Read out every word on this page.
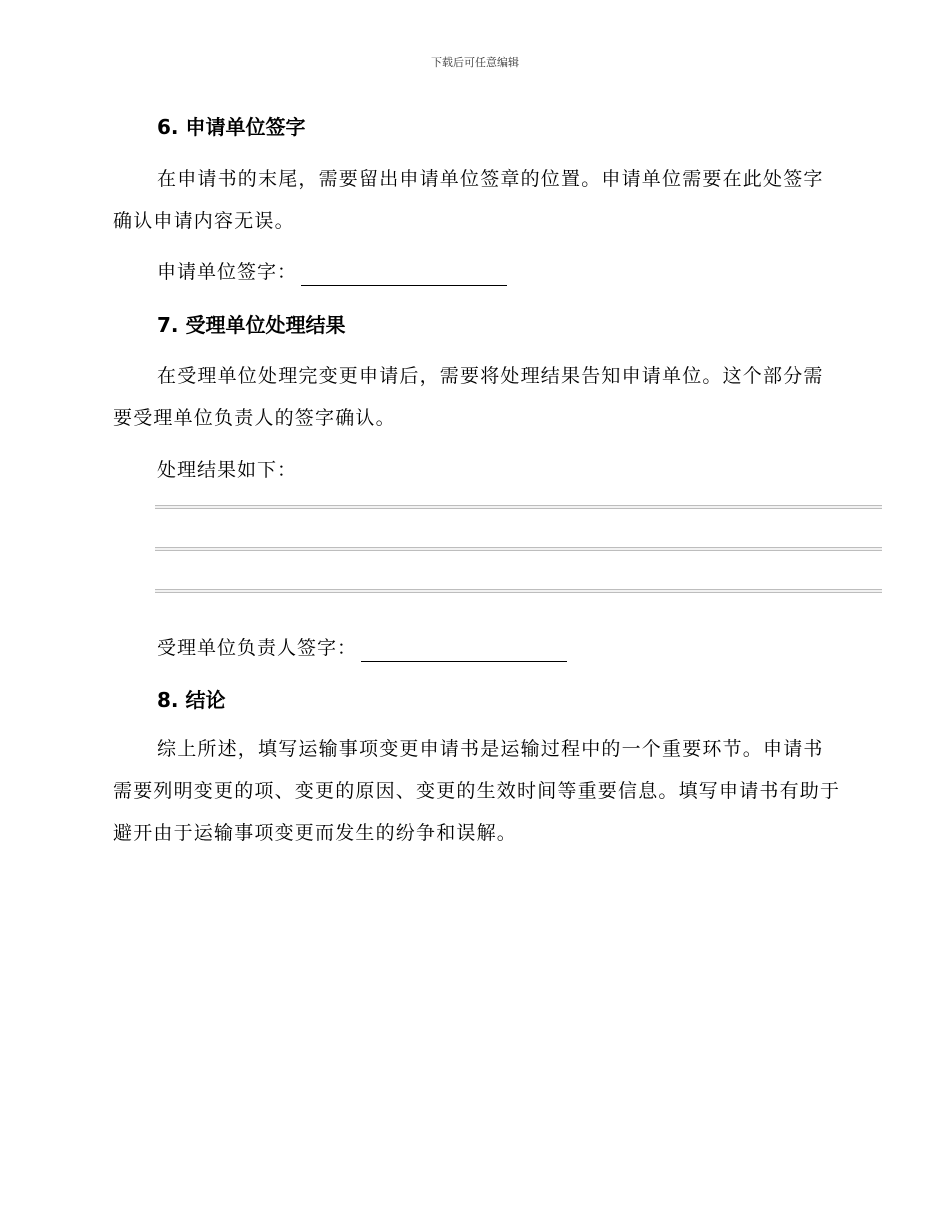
下载后可任意编辑
6. 申请单位签字
在申请书的末尾，需要留出申请单位签章的位置。申请单位需要在此处签字确认申请内容无误。
申请单位签字：
7. 受理单位处理结果
在受理单位处理完变更申请后，需要将处理结果告知申请单位。这个部分需要受理单位负责人的签字确认。
处理结果如下：
受理单位负责人签字：
8. 结论
综上所述，填写运输事项变更申请书是运输过程中的一个重要环节。申请书需要列明变更的项、变更的原因、变更的生效时间等重要信息。填写申请书有助于避开由于运输事项变更而发生的纷争和误解。
